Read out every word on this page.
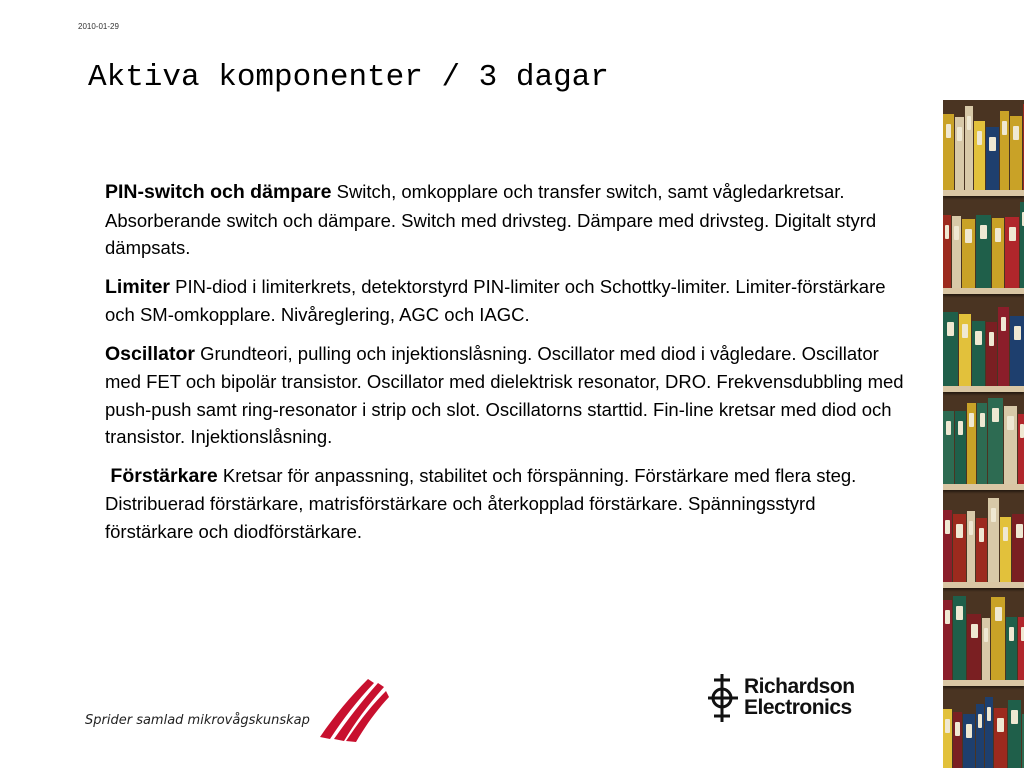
2010-01-29
Aktiva komponenter / 3 dagar

PIN-switch och dämpare Switch, omkopplare och transfer switch, samt vågledarkretsar. Absorberande switch och dämpare. Switch med drivsteg. Dämpare med drivsteg. Digitalt styrd dämpsats.

Limiter PIN-diod i limiterkrets, detektorstyrd PIN-limiter och Schottky-limiter. Limiter-förstärkare och SM-omkopplare. Nivåreglering, AGC och IAGC.

Oscillator Grundteori, pulling och injektionslåsning. Oscillator med diod i vågledare. Oscillator med FET och bipolär transistor. Oscillator med dielektrisk resonator, DRO. Frekvensdubbling med push-push samt ring-resonator i strip och slot. Oscillatorns starttid. Fin-line kretsar med diod och transistor. Injektionslåsning.

Förstärkare Kretsar för anpassning, stabilitet och förspänning. Förstärkare med flera steg. Distribuerad förstärkare, matrisförstärkare och återkopplad förstärkare. Spänningsstyrd förstärkare och diodförstärkare.

Sprider samlad mikrovågskunskap
Richardson
Electronics
